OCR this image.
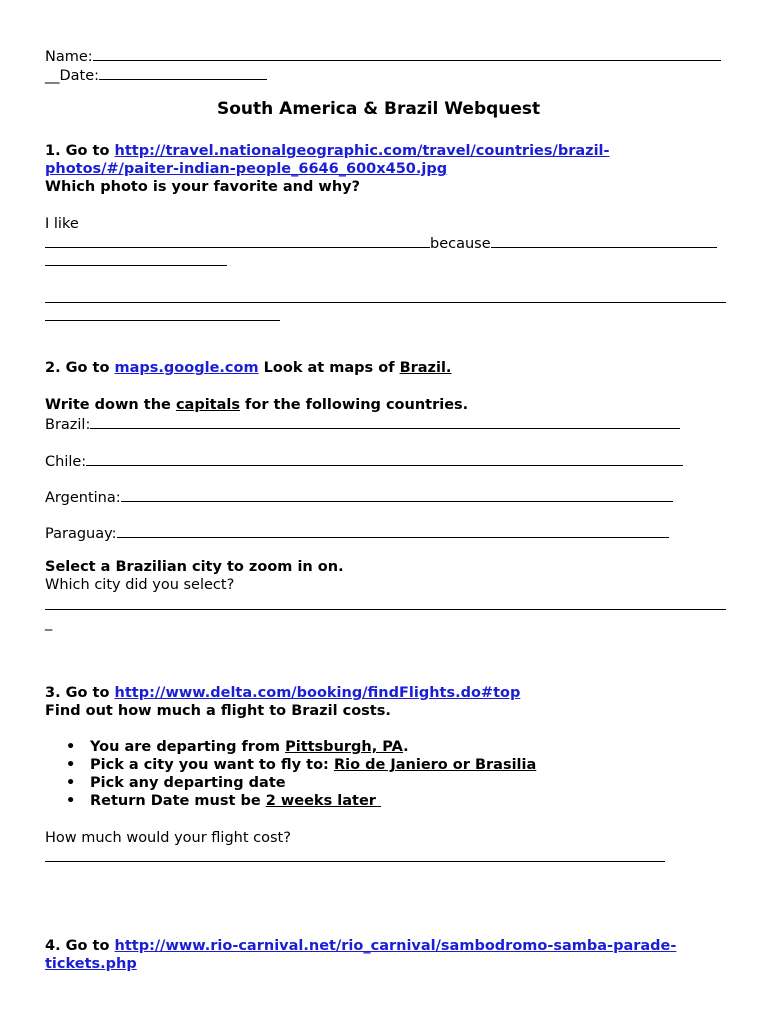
Name:
__Date:
South America & Brazil Webquest
1. Go to http://travel.nationalgeographic.com/travel/countries/brazil-
photos/#/paiter-indian-people_6646_600x450.jpg
Which photo is your favorite and why?
I like
because
2. Go to maps.google.com Look at maps of Brazil.
Write down the capitals for the following countries.
Brazil:
Chile:
Argentina:
Paraguay:
Select a Brazilian city to zoom in on.
Which city did you select?
_
3. Go to http://www.delta.com/booking/findFlights.do#top
Find out how much a flight to Brazil costs.
• You are departing from Pittsburgh, PA.
• Pick a city you want to fly to: Rio de Janiero or Brasilia
• Pick any departing date
• Return Date must be 2 weeks later
How much would your flight cost?
4. Go to http://www.rio-carnival.net/rio_carnival/sambodromo-samba-parade-
tickets.php
